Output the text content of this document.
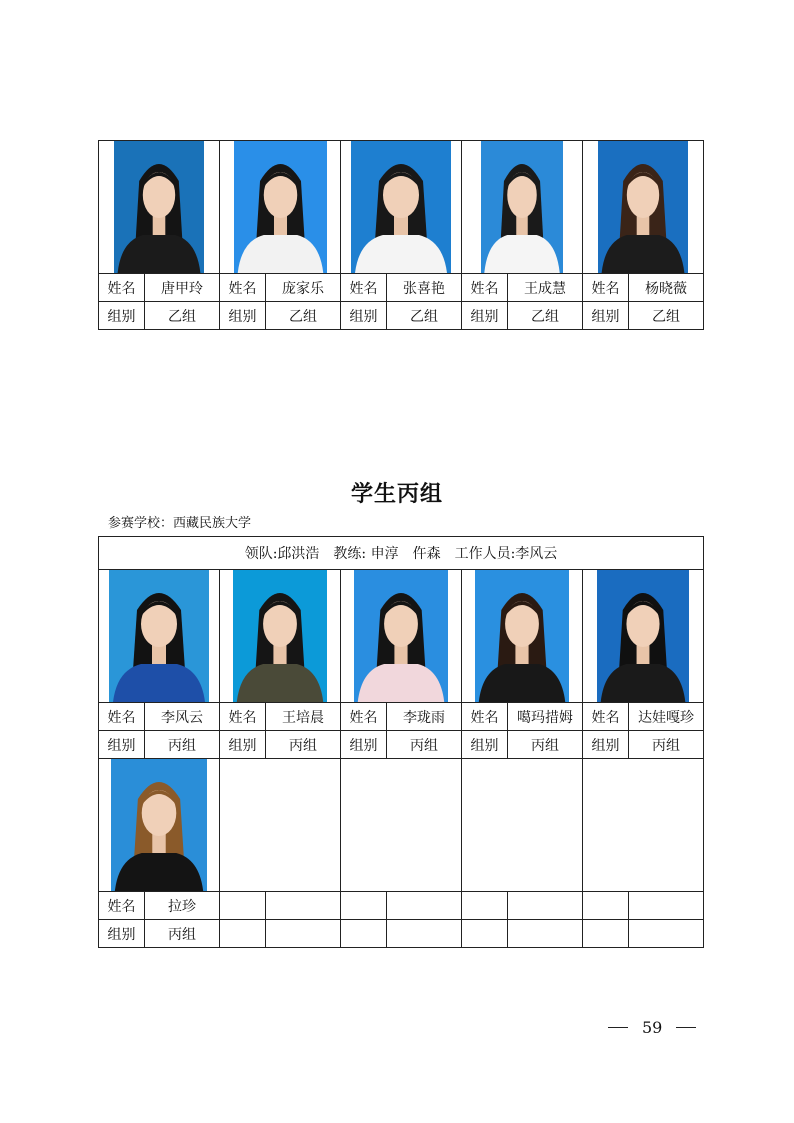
姓名	唐甲玲	姓名	庞家乐	姓名	张喜艳	姓名	王成慧	姓名	杨晓薇
组别	乙组	组别	乙组	组别	乙组	组别	乙组	组别	乙组
学生丙组
参赛学校：西藏民族大学
领队:邱洪浩　教练: 申淳　仵森　工作人员:李风云									

姓名	李风云	姓名	王培晨	姓名	李珑雨	姓名	噶玛措姆	姓名	达娃嘎珍
组别	丙组	组别	丙组	组别	丙组	组别	丙组	组别	丙组

姓名	拉珍								
组别	丙组								
59
